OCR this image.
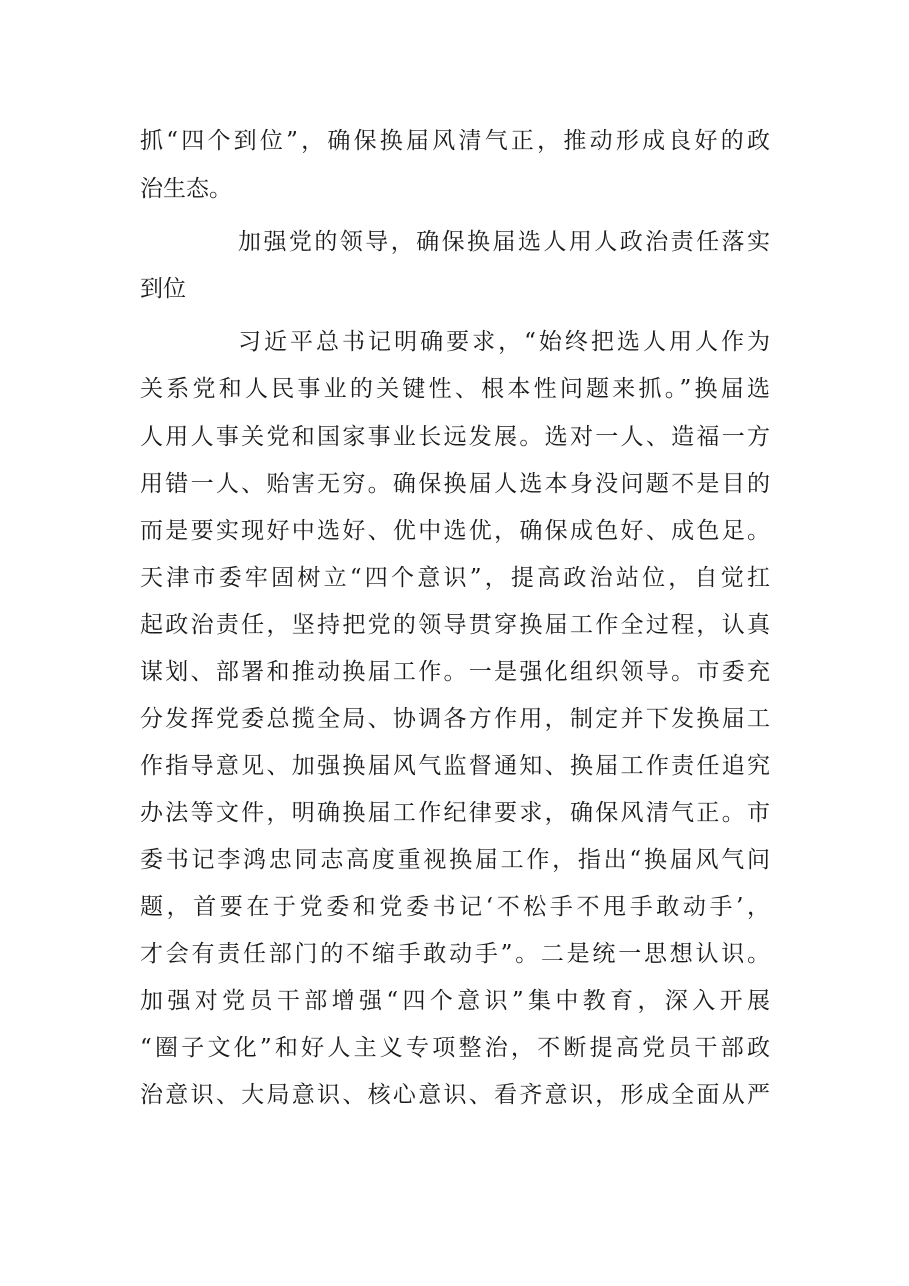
抓“四个到位”，确保换届风清气正，推动形成良好的政
治生态。
加强党的领导，确保换届选人用人政治责任落实
到位
习近平总书记明确要求，“始终把选人用人作为
关系党和人民事业的关键性、根本性问题来抓。”换届选
人用人事关党和国家事业长远发展。选对一人、造福一方
用错一人、贻害无穷。确保换届人选本身没问题不是目的
而是要实现好中选好、优中选优，确保成色好、成色足。
天津市委牢固树立“四个意识”，提高政治站位，自觉扛
起政治责任，坚持把党的领导贯穿换届工作全过程，认真
谋划、部署和推动换届工作。一是强化组织领导。市委充
分发挥党委总揽全局、协调各方作用，制定并下发换届工
作指导意见、加强换届风气监督通知、换届工作责任追究
办法等文件，明确换届工作纪律要求，确保风清气正。市
委书记李鸿忠同志高度重视换届工作，指出“换届风气问
题，首要在于党委和党委书记‘不松手不甩手敢动手’，
才会有责任部门的不缩手敢动手”。二是统一思想认识。
加强对党员干部增强“四个意识”集中教育，深入开展
“圈子文化”和好人主义专项整治，不断提高党员干部政
治意识、大局意识、核心意识、看齐意识，形成全面从严
